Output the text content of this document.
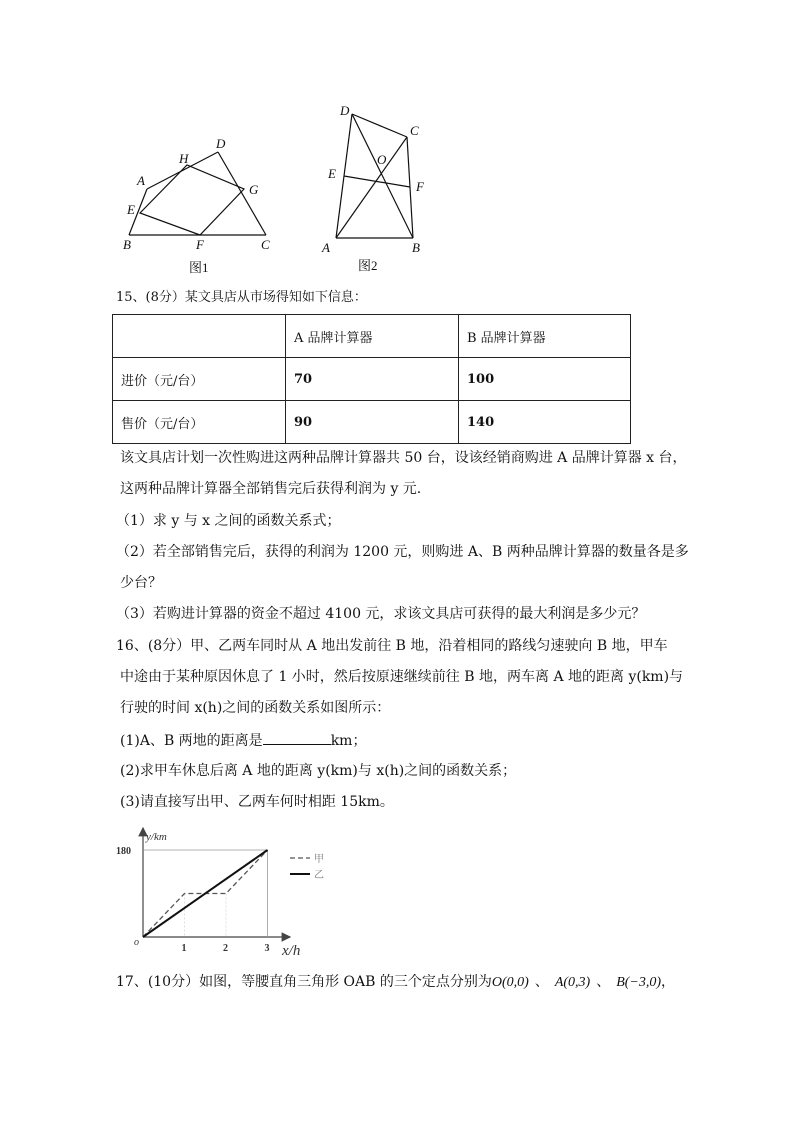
A
H
D
E
G
B	F	C
图1
D
C
O
E
F
A	B
图2
15、(8分）某文具店从市场得知如下信息：
	A 品牌计算器	B 品牌计算器
进价（元/台）	70	100
售价（元/台）	90	140
该文具店计划一次性购进这两种品牌计算器共 50 台，设该经销商购进 A 品牌计算器 x 台，
这两种品牌计算器全部销售完后获得利润为 y 元.
（1）求 y 与 x 之间的函数关系式；
（2）若全部销售完后，获得的利润为 1200 元，则购进 A、B 两种品牌计算器的数量各是多
少台？
（3）若购进计算器的资金不超过 4100 元，求该文具店可获得的最大利润是多少元？
16、(8分）甲、乙两车同时从 A 地出发前往 B 地，沿着相同的路线匀速驶向 B 地，甲车
中途由于某种原因休息了 1 小时，然后按原速继续前往 B 地，两车离 A 地的距离 y(km)与
行驶的时间 x(h)之间的函数关系如图所示：
(1)A、B 两地的距离是	km；
(2)求甲车休息后离 A 地的距离 y(km)与 x(h)之间的函数关系；
(3)请直接写出甲、乙两车何时相距 15km。
y/km
x/h
o
1	2	3
180
甲
乙
17、(10分）如图，等腰直角三角形 OAB 的三个定点分别为O(0,0) 、 A(0,3) 、 B(−3,0)，
